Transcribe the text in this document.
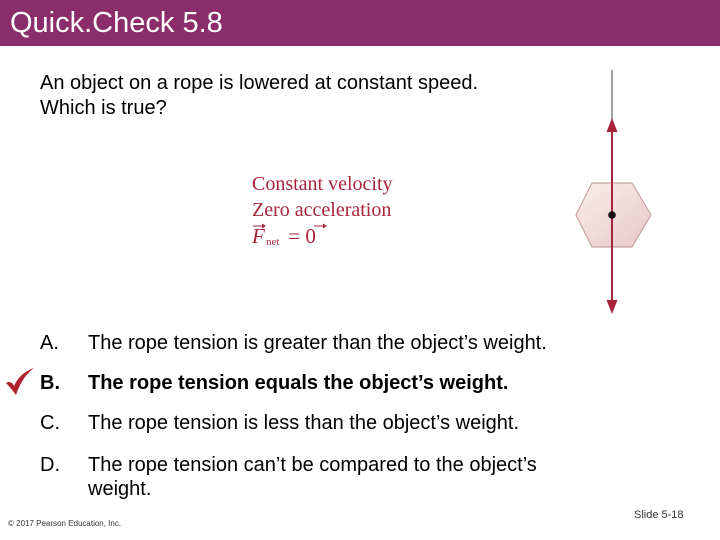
Quick.Check 5.8
An object on a rope is lowered at constant speed.
Which is true?
Constant velocity
Zero acceleration
F net = 0
A. The rope tension is greater than the object’s weight.
B. The rope tension equals the object’s weight.
C. The rope tension is less than the object’s weight.
D. The rope tension can’t be compared to the object’s
weight.
© 2017 Pearson Education, Inc.
Slide 5-18
